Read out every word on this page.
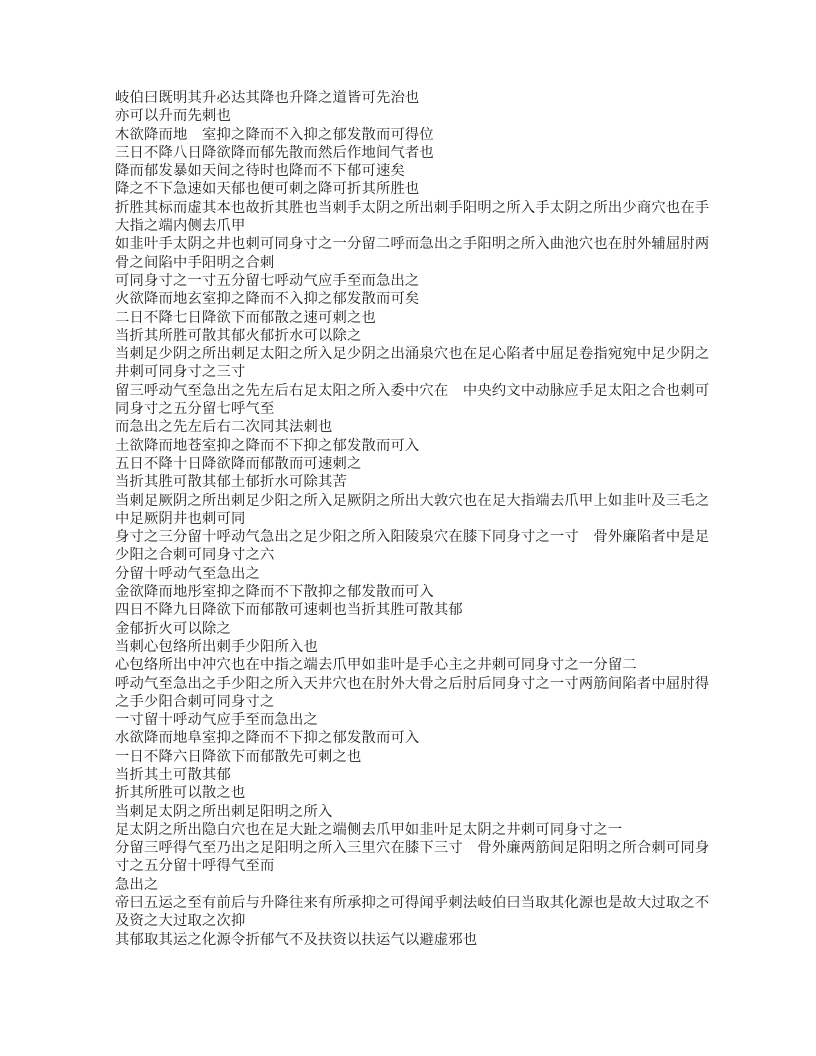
岐伯曰既明其升必达其降也升降之道皆可先治也
亦可以升而先刺也
木欲降而地　室抑之降而不入抑之郁发散而可得位
三日不降八日降欲降而郁先散而然后作地间气者也
降而郁发暴如天间之待时也降而不下郁可速矣
降之不下急速如天郁也便可刺之降可折其所胜也
折胜其标而虚其本也故折其胜也当刺手太阴之所出刺手阳明之所入手太阴之所出少商穴也在手
大指之端内侧去爪甲
如韭叶手太阴之井也刺可同身寸之一分留二呼而急出之手阳明之所入曲池穴也在肘外辅屈肘两
骨之间陷中手阳明之合刺
可同身寸之一寸五分留七呼动气应手至而急出之
火欲降而地玄室抑之降而不入抑之郁发散而可矣
二日不降七日降欲下而郁散之速可刺之也
当折其所胜可散其郁火郁折水可以除之
当刺足少阴之所出刺足太阳之所入足少阴之出涌泉穴也在足心陷者中屈足卷指宛宛中足少阴之
井刺可同身寸之三寸
留三呼动气至急出之先左后右足太阳之所入委中穴在　中央约文中动脉应手足太阳之合也刺可
同身寸之五分留七呼气至
而急出之先左后右二次同其法刺也
土欲降而地苍室抑之降而不下抑之郁发散而可入
五日不降十日降欲降而郁散而可速刺之
当折其胜可散其郁土郁折水可除其苦
当刺足厥阴之所出刺足少阳之所入足厥阴之所出大敦穴也在足大指端去爪甲上如韭叶及三毛之
中足厥阴井也刺可同
身寸之三分留十呼动气急出之足少阳之所入阳陵泉穴在膝下同身寸之一寸　骨外廉陷者中是足
少阳之合刺可同身寸之六
分留十呼动气至急出之
金欲降而地彤室抑之降而不下散抑之郁发散而可入
四日不降九日降欲下而郁散可速刺也当折其胜可散其郁
金郁折火可以除之
当刺心包络所出刺手少阳所入也
心包络所出中冲穴也在中指之端去爪甲如韭叶是手心主之井刺可同身寸之一分留二
呼动气至急出之手少阳之所入天井穴也在肘外大骨之后肘后同身寸之一寸两筋间陷者中屈肘得
之手少阳合刺可同身寸之
一寸留十呼动气应手至而急出之
水欲降而地阜室抑之降而不下抑之郁发散而可入
一日不降六日降欲下而郁散先可刺之也
当折其土可散其郁
折其所胜可以散之也
当刺足太阴之所出刺足阳明之所入
足太阴之所出隐白穴也在足大趾之端侧去爪甲如韭叶足太阴之井刺可同身寸之一
分留三呼得气至乃出之足阳明之所入三里穴在膝下三寸　骨外廉两筋间足阳明之所合刺可同身
寸之五分留十呼得气至而
急出之
帝曰五运之至有前后与升降往来有所承抑之可得闻乎刺法岐伯曰当取其化源也是故大过取之不
及资之大过取之次抑
其郁取其运之化源令折郁气不及扶资以扶运气以避虚邪也
